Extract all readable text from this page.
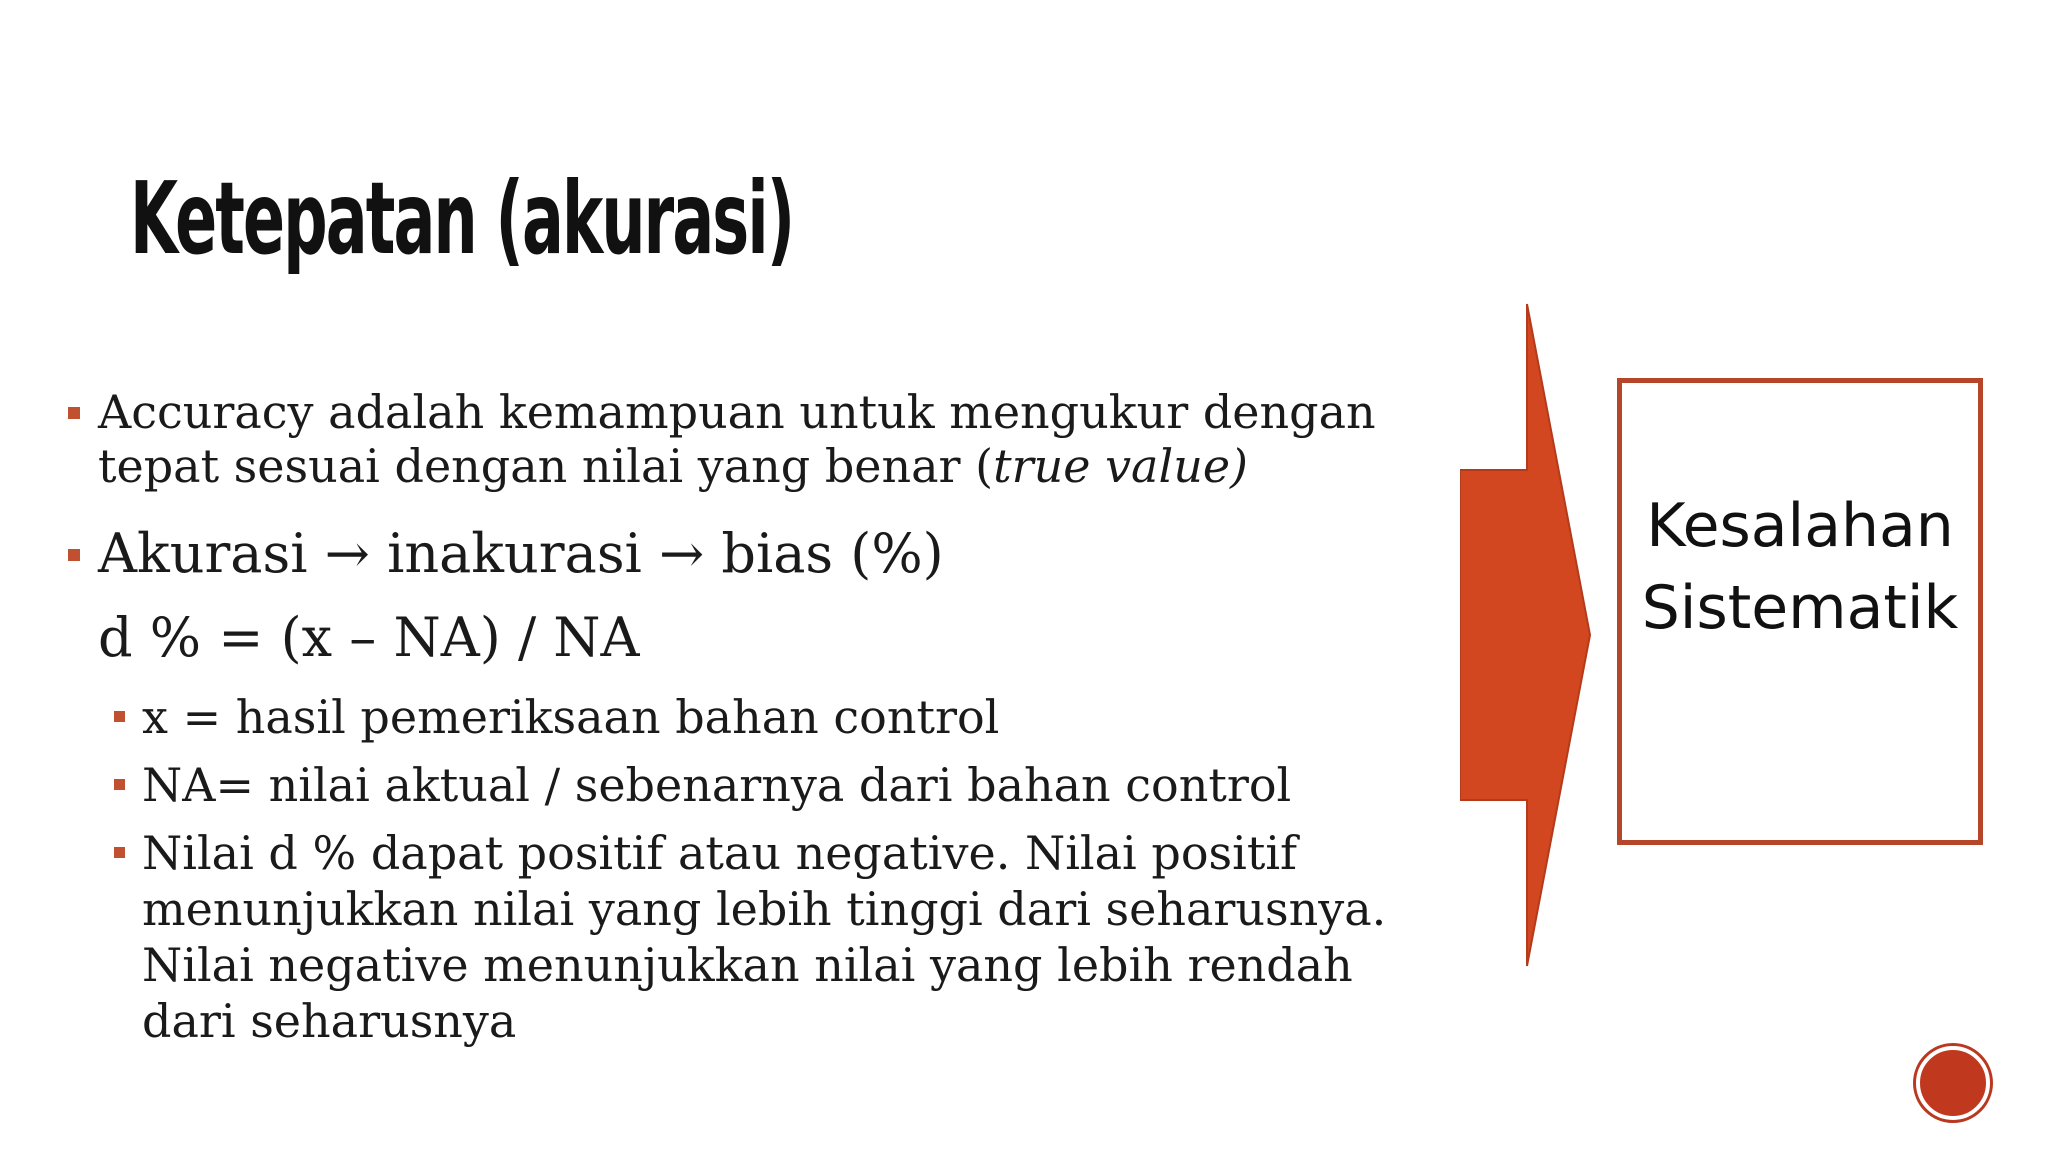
Ketepatan (akurasi)
Accuracy adalah kemampuan untuk mengukur dengan
tepat sesuai dengan nilai yang benar (true value)
Akurasi → inakurasi → bias (%)
d % = (x – NA) / NA
x = hasil pemeriksaan bahan control
NA= nilai aktual / sebenarnya dari bahan control
Nilai d % dapat positif atau negative. Nilai positif menunjukkan nilai yang lebih tinggi dari seharusnya. Nilai negative menunjukkan nilai yang lebih rendah dari seharusnya
Kesalahan
Sistematik
